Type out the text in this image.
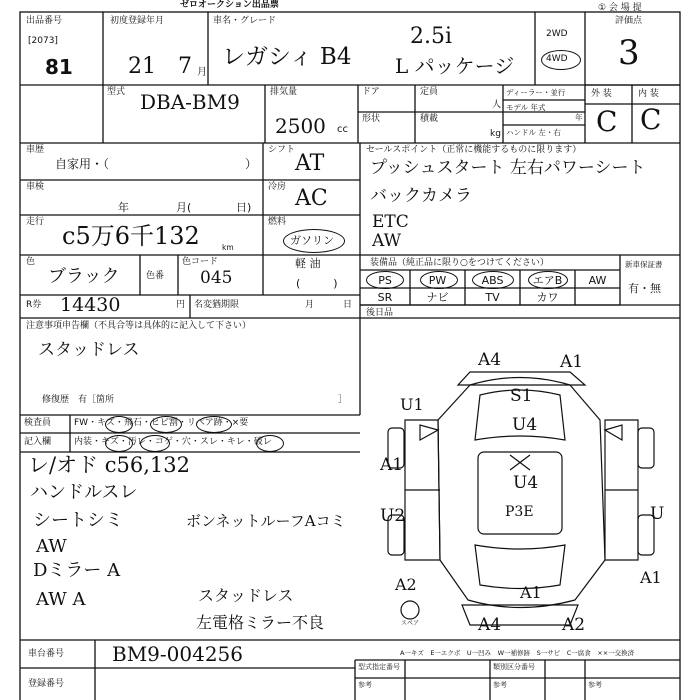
ゼロオークション出品票
出品番号
[2073]
81
初度登録年月
21 7 月
車名・グレード
レガシィ B4
2.5i
L パッケージ
2WD
4WD
① 会 場 提
評価点
3
型式 DBA-BM9	排気量
2500 cc
ドア	定員
人
形状	積載
kg
ディーラー・並行
モデル 年式
年
ハンドル 左・右
外 装	内 装
C C
車歴
自家用・（	）
シフト
AT
車検
年	月(	日)
冷房 AC
走行 c5万6千132	km
燃料
ガソリン
軽 油
色
ブラック	色番
色コード
045	(　　　)
R券 14430	円 名変猶期限	月	日
セールスポイント（正常に機能するものに限ります）
プッシュスタート 左右パワーシート
バックカメラ
ETC
AW
装備品（純正品に限り○をつけてください）
PS	PW	ABS	エアB	AW
SR	ナビ	TV	カワ
新車保証書
有・無
後日品
注意事項申告欄（不具合等は具体的に記入して下さい）
スタッドレス
修復歴　有［箇所	］
検査員	FW・キズ・飛石・ヒビ割・リペア跡・×要
記入欄	内装・キズ・汚レ・コゲ・穴・スレ・キレ・破レ
レ/オド c56,132
ハンドルスレ
シートシミ
AW
Dミラー A
AW A
ボンネットルーフAコミ
スタッドレス
左電格ミラー不良
A4	A1
U1	S1
U4
A1
U4
U2	U
P3E
A2	A1
A4	A2
A1
スペア
A一キズ　E一エクボ　U一凹み　W一補修跡　S一サビ　C一腐食　××一交換済
車台番号 BM9-004256
登録番号
型式指定番号
参考
類別区分番号
参考	参考
